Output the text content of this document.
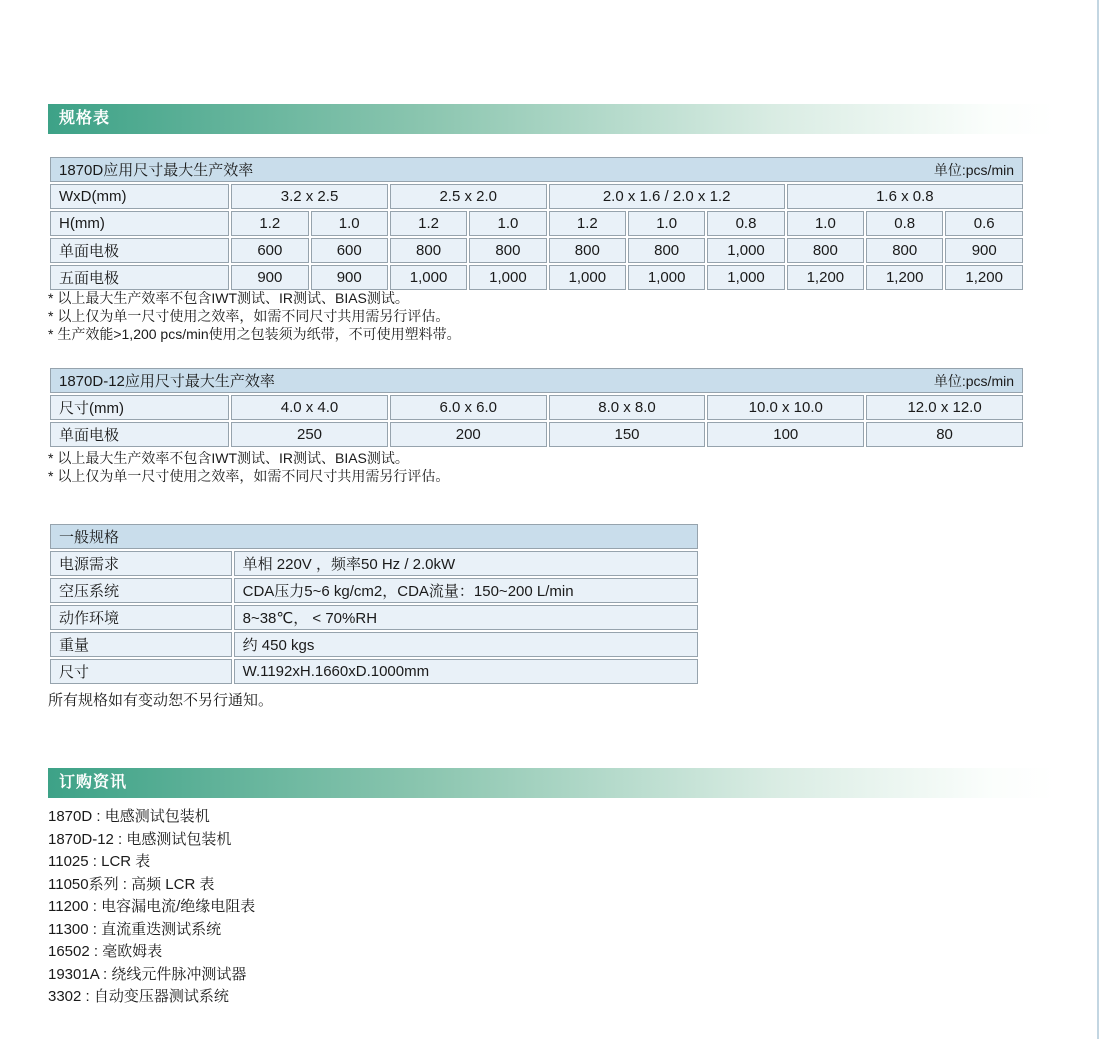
规格表
1870D应用尺寸最大生产效率 单位:pcs/min										

WxD(mm)	3.2 x 2.5		2.5 x 2.0		2.0 x 1.6 / 2.0 x 1.2			1.6 x 0.8		
H(mm)	1.2	1.0	1.2	1.0	1.2	1.0	0.8	1.0	0.8	0.6
单面电极	600	600	800	800	800	800	1,000	800	800	900
五面电极	900	900	1,000	1,000	1,000	1,000	1,000	1,200	1,200	1,200
* 以上最大生产效率不包含IWT测试、IR测试、BIAS测试。
* 以上仅为单一尺寸使用之效率，如需不同尺寸共用需另行评估。
* 生产效能>1,200 pcs/min使用之包装须为纸带，不可使用塑料带。
1870D-12应用尺寸最大生产效率 单位:pcs/min					

尺寸(mm)	4.0 x 4.0	6.0 x 6.0	8.0 x 8.0	10.0 x 10.0	12.0 x 12.0
单面电极	250	200	150	100	80
* 以上最大生产效率不包含IWT测试、IR测试、BIAS测试。
* 以上仅为单一尺寸使用之效率，如需不同尺寸共用需另行评估。
一般规格	

电源需求	单相 220V ，频率50 Hz / 2.0kW
空压系统	CDA压力5~6 kg/cm2，CDA流量：150~200 L/min
动作环境	8~38℃， < 70%RH
重量	约 450 kgs
尺寸	W.1192xH.1660xD.1000mm
所有规格如有变动恕不另行通知。
订购资讯
1870D : 电感测试包装机
1870D-12 : 电感测试包装机
11025 : LCR 表
11050系列 : 高频 LCR 表
11200 : 电容漏电流/绝缘电阻表
11300 : 直流重迭测试系统
16502 : 毫欧姆表
19301A : 绕线元件脉冲测试器
3302 : 自动变压器测试系统
